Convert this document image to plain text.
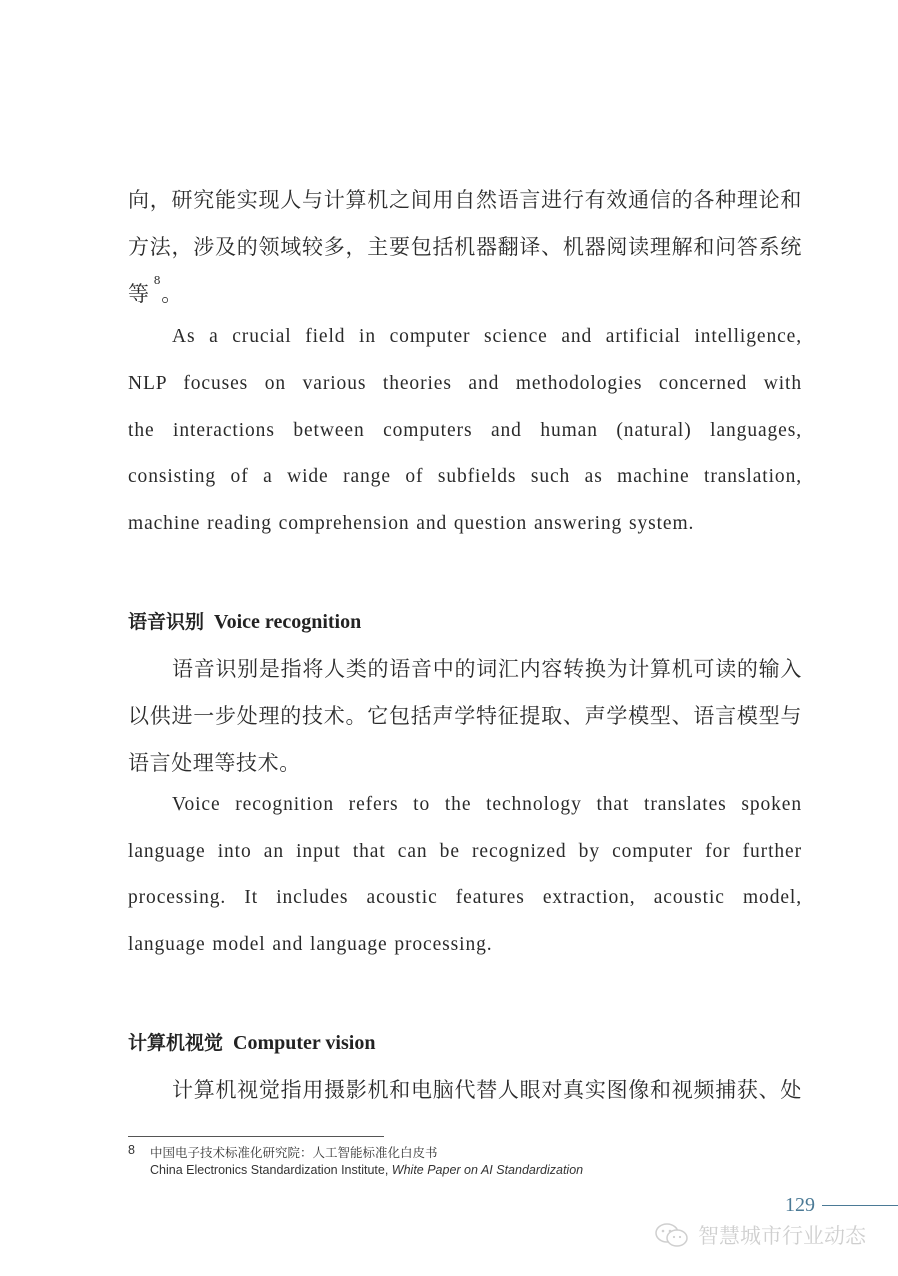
向，研究能实现人与计算机之间用自然语言进行有效通信的各种理论和
方法，涉及的领域较多，主要包括机器翻译、机器阅读理解和问答系统
等$^8$。
As a crucial field in computer science and artificial intelligence,
NLP focuses on various theories and methodologies concerned with
the interactions between computers and human (natural) languages,
consisting of a wide range of subfields such as machine translation,
machine reading comprehension and question answering system.
语音识别 Voice recognition
语音识别是指将人类的语音中的词汇内容转换为计算机可读的输入
以供进一步处理的技术。它包括声学特征提取、声学模型、语言模型与
语言处理等技术。
Voice recognition refers to the technology that translates spoken
language into an input that can be recognized by computer for further
processing. It includes acoustic features extraction, acoustic model,
language model and language processing.
计算机视觉 Computer vision
计算机视觉指用摄影机和电脑代替人眼对真实图像和视频捕获、处
8 中国电子技术标准化研究院：人工智能标准化白皮书
China Electronics Standardization Institute, White Paper on AI Standardization
129
智慧城市行业动态
